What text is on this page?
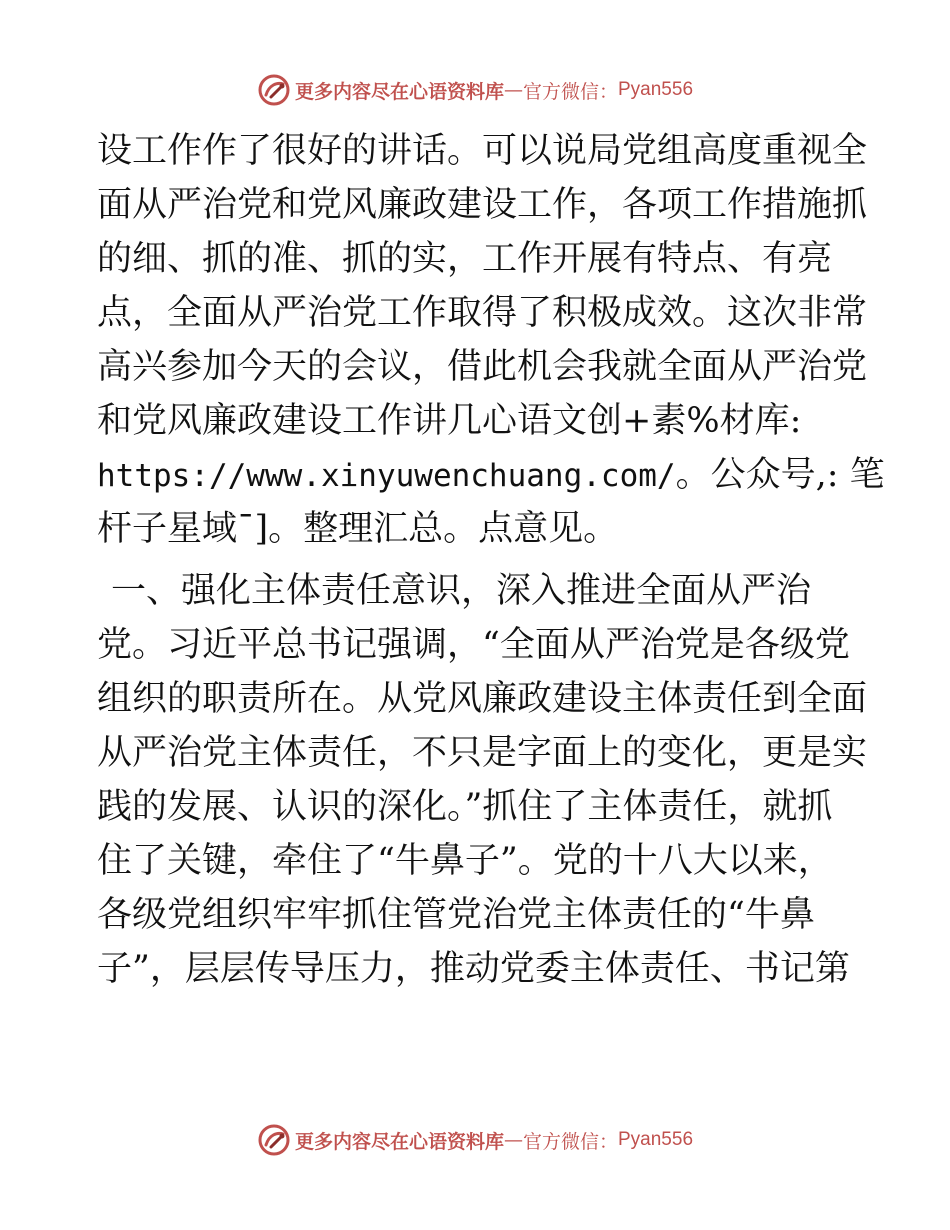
更多内容尽在心语资料库 — 官方微信： Pyan556
设工作作了很好的讲话。可以说局党组高度重视全
面从严治党和党风廉政建设工作，各项工作措施抓
的细、抓的准、抓的实，工作开展有特点、有亮
点，全面从严治党工作取得了积极成效。这次非常
高兴参加今天的会议，借此机会我就全面从严治党
和党风廉政建设工作讲几心语文创+素%材库:
https://www.xinyuwenchuang.com/。公众号,: 笔
杆子星域¯]。整理汇总。点意见。
一、强化主体责任意识，深入推进全面从严治
党。习近平总书记强调，“全面从严治党是各级党
组织的职责所在。从党风廉政建设主体责任到全面
从严治党主体责任，不只是字面上的变化，更是实
践的发展、认识的深化。”抓住了主体责任，就抓
住了关键，牵住了“牛鼻子”。党的十八大以来，
各级党组织牢牢抓住管党治党主体责任的“牛鼻
子”，层层传导压力，推动党委主体责任、书记第
更多内容尽在心语资料库 — 官方微信： Pyan556
